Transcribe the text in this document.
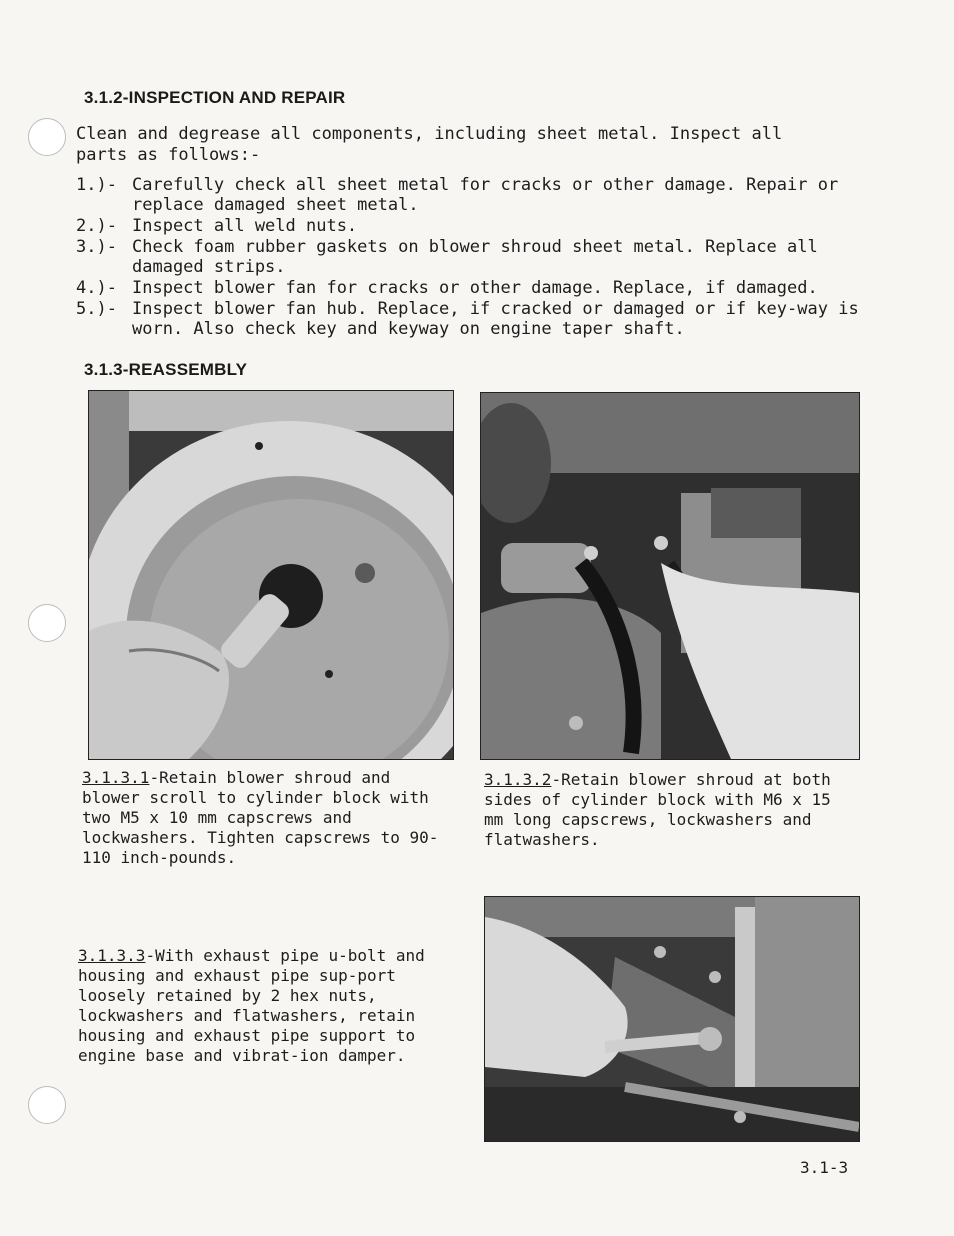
3.1.2-INSPECTION AND REPAIR
Clean and degrease all components, including sheet metal. Inspect all
parts as follows:-
1.)- Carefully check all sheet metal for cracks or other damage. Repair or replace damaged sheet metal.
2.)- Inspect all weld nuts.
3.)- Check foam rubber gaskets on blower shroud sheet metal. Replace all damaged strips.
4.)- Inspect blower fan for cracks or other damage. Replace, if damaged.
5.)- Inspect blower fan hub. Replace, if cracked or damaged or if key-way is worn. Also check key and keyway on engine taper shaft.
3.1.3-REASSEMBLY
3.1.3.1-Retain blower shroud and blower scroll to cylinder block with two M5 x 10 mm capscrews and lockwashers. Tighten capscrews to 90-110 inch-pounds.
3.1.3.2-Retain blower shroud at both sides of cylinder block with M6 x 15 mm long capscrews, lockwashers and flatwashers.
3.1.3.3-With exhaust pipe u-bolt and housing and exhaust pipe sup-port loosely retained by 2 hex nuts, lockwashers and flatwashers, retain housing and exhaust pipe support to engine base and vibrat-ion damper.
3.1-3
